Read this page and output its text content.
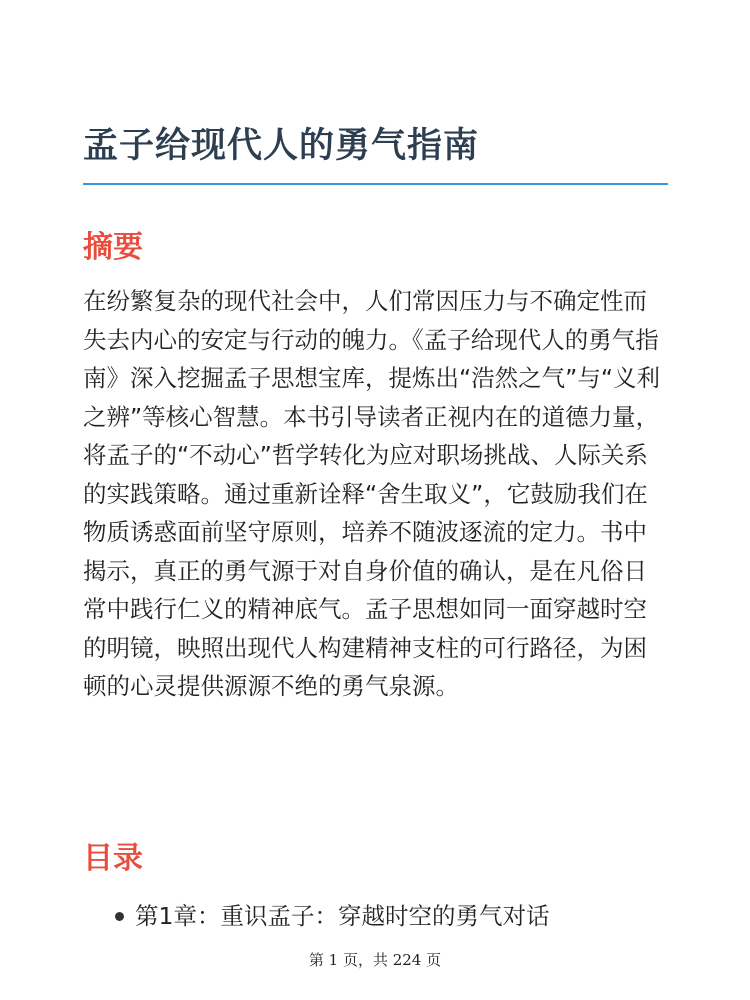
孟子给现代人的勇气指南
摘要

在纷繁复杂的现代社会中，人们常因压力与不确定性而失去内心的安定与行动的魄力。《孟子给现代人的勇气指南》深入挖掘孟子思想宝库，提炼出“浩然之气”与“义利之辨”等核心智慧。本书引导读者正视内在的道德力量，将孟子的“不动心”哲学转化为应对职场挑战、人际关系的实践策略。通过重新诠释“舍生取义”，它鼓励我们在物质诱惑面前坚守原则，培养不随波逐流的定力。书中揭示，真正的勇气源于对自身价值的确认，是在凡俗日常中践行仁义的精神底气。孟子思想如同一面穿越时空的明镜，映照出现代人构建精神支柱的可行路径，为困顿的心灵提供源源不绝的勇气泉源。

目录
第1章：重识孟子：穿越时空的勇气对话
第 1 页，共 224 页
